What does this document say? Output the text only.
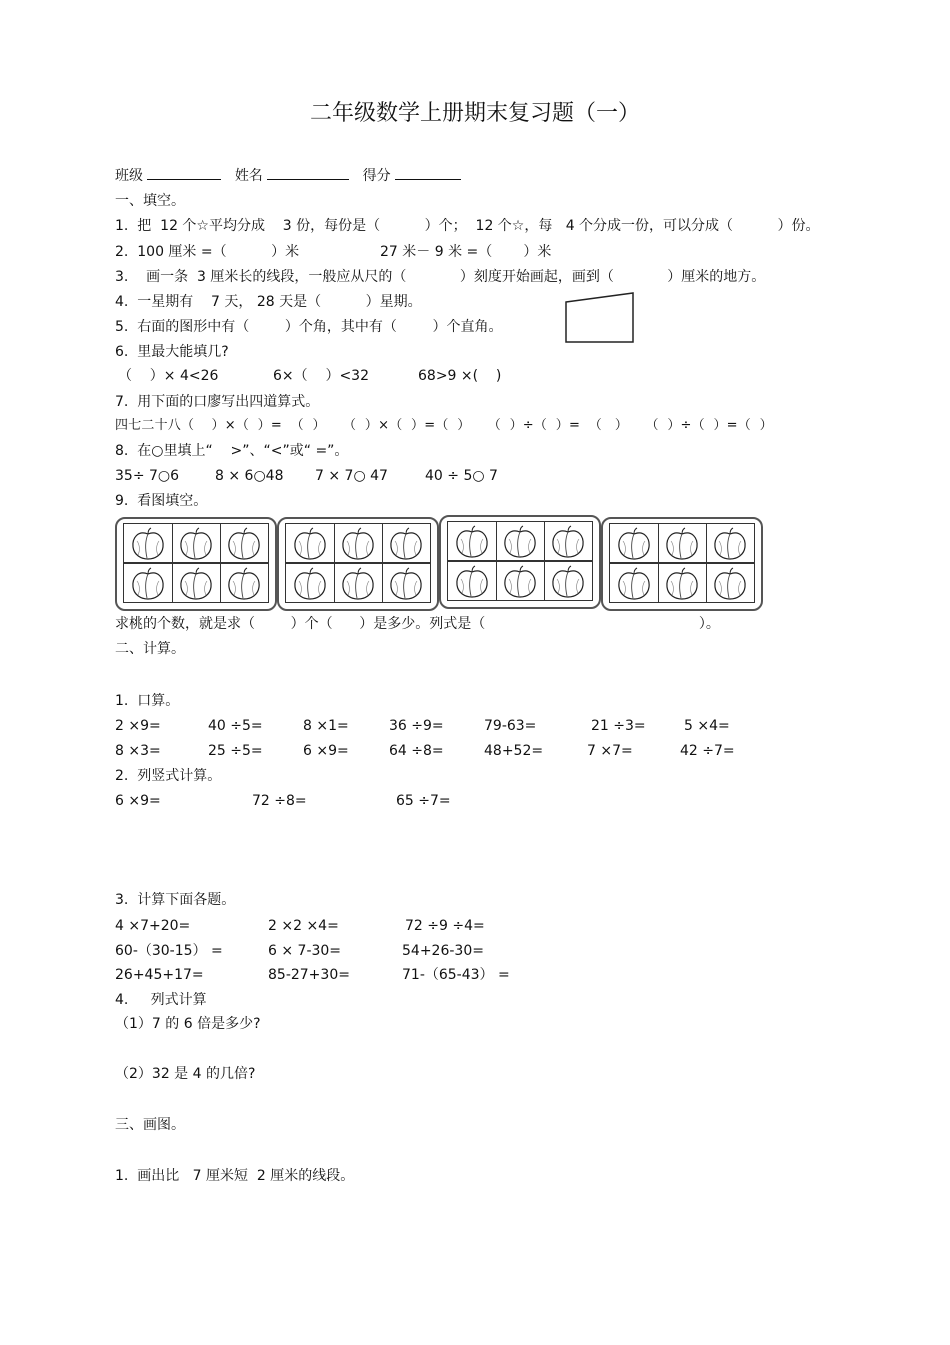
二年级数学上册期末复习题（一）
班级	姓名	得分
一、填空。
1.  把  12 个☆平均分成    3 份，每份是（          ）个；  12 个☆，每   4 个分成一份，可以分成（          ）份。
2.  100 厘米 =（          ）米	27 米－ 9 米 =（       ）米
3.    画一条  3 厘米长的线段，一般应从尺的（            ）刻度开始画起，画到（            ）厘米的地方。
4.  一星期有    7 天， 28 天是（          ）星期。
5.  右面的图形中有（        ）个角，其中有（        ）个直角。
6.  里最大能填几?
（    ）× 4<26	6×（    ）<32	68>9 ×(    )
7.  用下面的口廖写出四道算式。
四七二十八（    ）×（  ）=  （  ）    （  ）×（  ）=（  ）    （  ）÷（  ）=  （   ）    （  ）÷（  ）=（  ）
8.  在○里填上“    >”、“<”或“ =”。
35÷ 7○6	8 × 6○48 7 × 7○ 47	40 ÷ 5○ 7
9.  看图填空。
求桃的个数，就是求（        ）个（      ）是多少。列式是（                                                ）。
二、计算。
1.  口算。
2 ×9=	40 ÷5=	8 ×1=	36 ÷9=	79-63=	21 ÷3=	5 ×4=
8 ×3=	25 ÷5=	6 ×9=	64 ÷8=	48+52=	7 ×7=	42 ÷7=
2.  列竖式计算。
6 ×9=	72 ÷8=	65 ÷7=
3.  计算下面各题。
4 ×7+20=	2 ×2 ×4=	72 ÷9 ÷4=
60-（30-15） =	6 × 7-30=	54+26-30=
26+45+17=	85-27+30=	71-（65-43） =
4.     列式计算
（1）7 的 6 倍是多少?
（2）32 是 4 的几倍?
三、画图。
1.  画出比   7 厘米短  2 厘米的线段。
